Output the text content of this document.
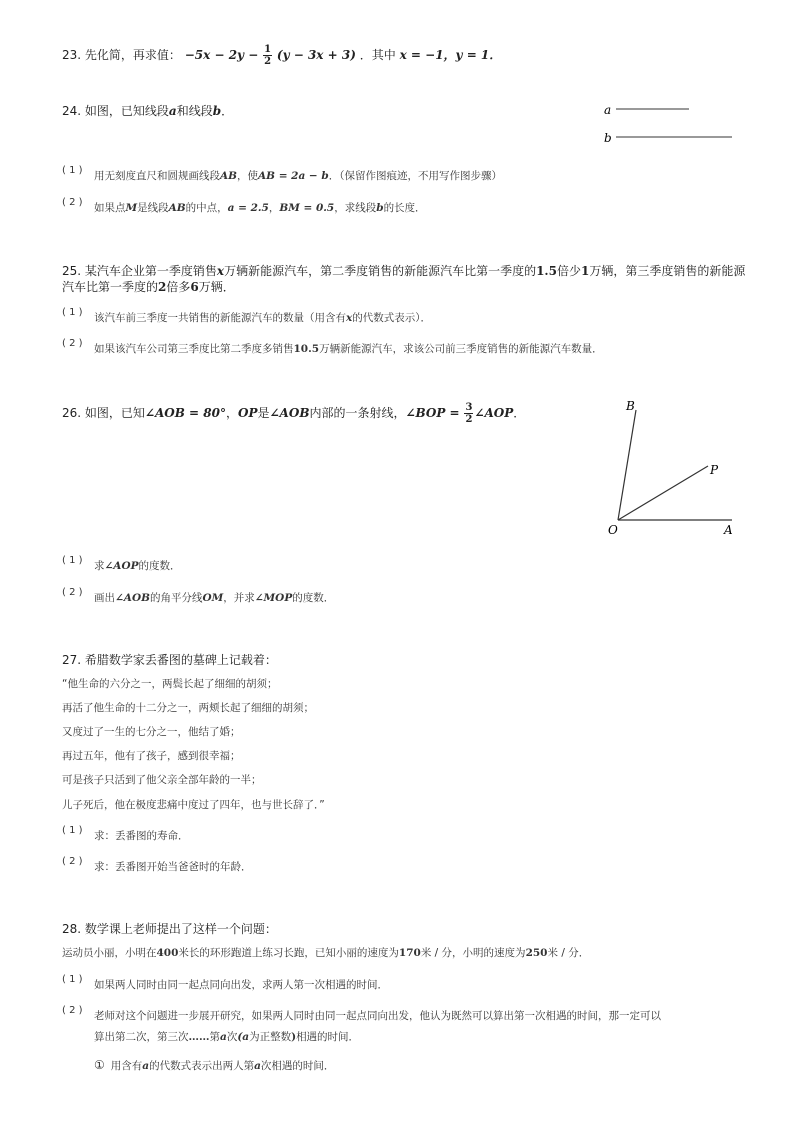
23. 先化简，再求值： $-5x - 2y - \frac{1}{2} (y - 3x + 3)$ ．其中 x = −1，y = 1．
24. 如图，已知线段a和线段b．	a
b
( 1 ) 用无刻度直尺和圆规画线段AB，使AB = 2a − b．（保留作图痕迹，不用写作图步骤）
( 2 ) 如果点M是线段AB的中点，a = 2.5，BM = 0.5，求线段b的长度．
25. 某汽车企业第一季度销售x万辆新能源汽车，第二季度销售的新能源汽车比第一季度的1.5倍少1万辆，第三季度销售的新能源
汽车比第一季度的2倍多6万辆．
( 1 ) 该汽车前三季度一共销售的新能源汽车的数量（用含有x的代数式表示）．
( 2 ) 如果该汽车公司第三季度比第二季度多销售10.5万辆新能源汽车，求该公司前三季度销售的新能源汽车数量．
26. 如图，已知∠AOB = 80°，OP是∠AOB内部的一条射线，∠BOP = $\frac{3}{2}$ ∠AOP．	B
P
O	A
( 1 ) 求∠AOP的度数．
( 2 ) 画出∠AOB的角平分线OM，并求∠MOP的度数．
27. 希腊数学家丢番图的墓碑上记载着：
“他生命的六分之一，两鬓长起了细细的胡须；
再活了他生命的十二分之一，两颊长起了细细的胡须；
又度过了一生的七分之一，他结了婚；
再过五年，他有了孩子，感到很幸福；
可是孩子只活到了他父亲全部年龄的一半；
儿子死后，他在极度悲痛中度过了四年，也与世长辞了．”
( 1 ) 求：丢番图的寿命．
( 2 ) 求：丢番图开始当爸爸时的年龄．
28. 数学课上老师提出了这样一个问题：
运动员小丽，小明在400米长的环形跑道上练习长跑，已知小丽的速度为170米 / 分，小明的速度为250米 / 分．
( 1 ) 如果两人同时由同一起点同向出发，求两人第一次相遇的时间．
( 2 ) 老师对这个问题进一步展开研究，如果两人同时由同一起点同向出发，他认为既然可以算出第一次相遇的时间，那一定可以
算出第二次，第三次……第a次(a为正整数)相遇的时间．
① 用含有a的代数式表示出两人第a次相遇的时间．
